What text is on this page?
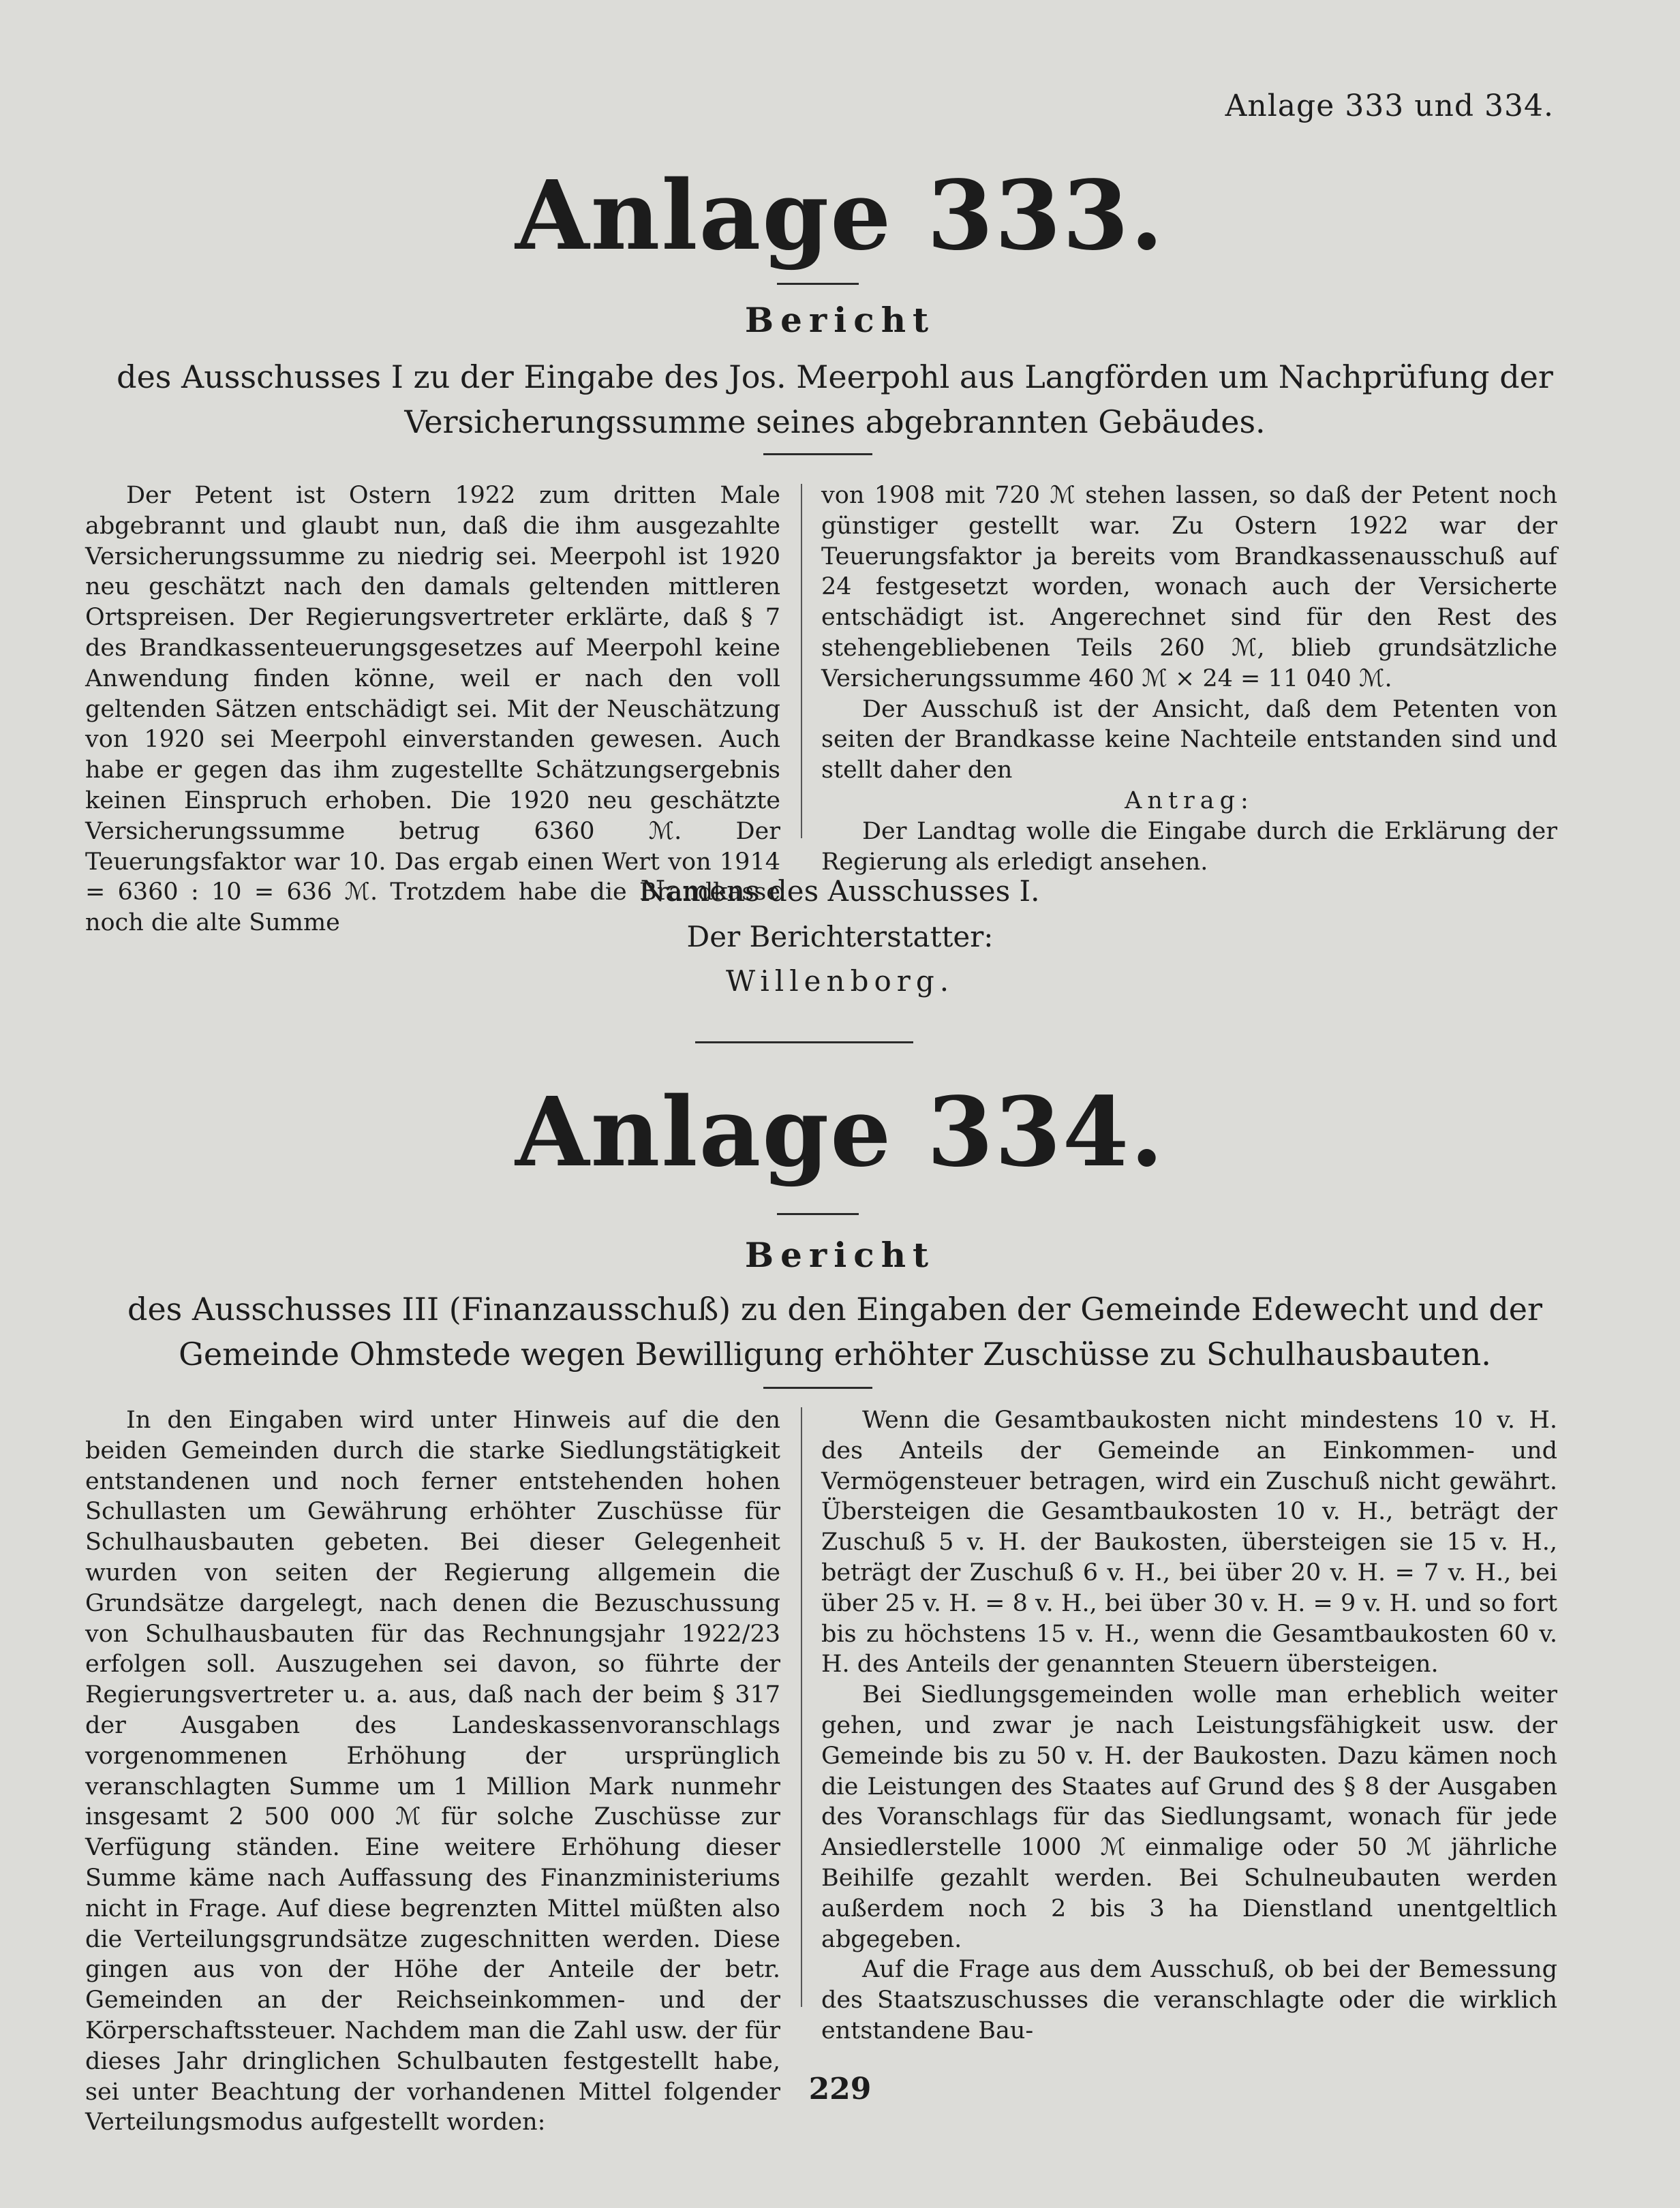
Anlage 333 und 334.
Anlage 333.
Bericht
des Ausschusses I zu der Eingabe des Jos. Meerpohl aus Langförden um Nachprüfung der Versicherungssumme seines abgebrannten Gebäudes.

Der Petent ist Ostern 1922 zum dritten Male abgebrannt und glaubt nun, daß die ihm ausgezahlte Versicherungssumme zu niedrig sei. Meerpohl ist 1920 neu geschätzt nach den damals geltenden mittleren Ortspreisen. Der Regierungsvertreter erklärte, daß § 7 des Brandkassenteuerungsgesetzes auf Meerpohl keine Anwendung finden könne, weil er nach den voll geltenden Sätzen entschädigt sei. Mit der Neuschätzung von 1920 sei Meerpohl einverstanden gewesen. Auch habe er gegen das ihm zugestellte Schätzungsergebnis keinen Einspruch erhoben. Die 1920 neu geschätzte Versicherungssumme betrug 6360 ℳ. Der Teuerungsfaktor war 10. Das ergab einen Wert von 1914 = 6360 : 10 = 636 ℳ. Trotzdem habe die Brandkasse noch die alte Summe

von 1908 mit 720 ℳ stehen lassen, so daß der Petent noch günstiger gestellt war. Zu Ostern 1922 war der Teuerungsfaktor ja bereits vom Brandkassenausschuß auf 24 festgesetzt worden, wonach auch der Versicherte entschädigt ist. Angerechnet sind für den Rest des stehengebliebenen Teils 260 ℳ, blieb grundsätzliche Versicherungssumme 460 ℳ × 24 = 11 040 ℳ.

Der Ausschuß ist der Ansicht, daß dem Petenten von seiten der Brandkasse keine Nachteile entstanden sind und stellt daher den

Antrag:

Der Landtag wolle die Eingabe durch die Erklärung der Regierung als erledigt ansehen.

Namens des Ausschusses I.
Der Berichterstatter:
Willenborg.
Anlage 334.
Bericht
des Ausschusses III (Finanzausschuß) zu den Eingaben der Gemeinde Edewecht und der Gemeinde Ohmstede wegen Bewilligung erhöhter Zuschüsse zu Schulhausbauten.

In den Eingaben wird unter Hinweis auf die den beiden Gemeinden durch die starke Siedlungstätigkeit entstandenen und noch ferner entstehenden hohen Schullasten um Gewährung erhöhter Zuschüsse für Schulhausbauten gebeten. Bei dieser Gelegenheit wurden von seiten der Regierung allgemein die Grundsätze dargelegt, nach denen die Bezuschussung von Schulhausbauten für das Rechnungsjahr 1922/23 erfolgen soll. Auszugehen sei davon, so führte der Regierungsvertreter u. a. aus, daß nach der beim § 317 der Ausgaben des Landeskassenvoranschlags vorgenommenen Erhöhung der ursprünglich veranschlagten Summe um 1 Million Mark nunmehr insgesamt 2 500 000 ℳ für solche Zuschüsse zur Verfügung ständen. Eine weitere Erhöhung dieser Summe käme nach Auffassung des Finanzministeriums nicht in Frage. Auf diese begrenzten Mittel müßten also die Verteilungsgrundsätze zugeschnitten werden. Diese gingen aus von der Höhe der Anteile der betr. Gemeinden an der Reichseinkommen- und der Körperschaftssteuer. Nachdem man die Zahl usw. der für dieses Jahr dringlichen Schulbauten festgestellt habe, sei unter Beachtung der vorhandenen Mittel folgender Verteilungsmodus aufgestellt worden:

Wenn die Gesamtbaukosten nicht mindestens 10 v. H. des Anteils der Gemeinde an Einkommen- und Vermögensteuer betragen, wird ein Zuschuß nicht gewährt. Übersteigen die Gesamtbaukosten 10 v. H., beträgt der Zuschuß 5 v. H. der Baukosten, übersteigen sie 15 v. H., beträgt der Zuschuß 6 v. H., bei über 20 v. H. = 7 v. H., bei über 25 v. H. = 8 v. H., bei über 30 v. H. = 9 v. H. und so fort bis zu höchstens 15 v. H., wenn die Gesamtbaukosten 60 v. H. des Anteils der genannten Steuern übersteigen.

Bei Siedlungsgemeinden wolle man erheblich weiter gehen, und zwar je nach Leistungsfähigkeit usw. der Gemeinde bis zu 50 v. H. der Baukosten. Dazu kämen noch die Leistungen des Staates auf Grund des § 8 der Ausgaben des Voranschlags für das Siedlungsamt, wonach für jede Ansiedlerstelle 1000 ℳ einmalige oder 50 ℳ jährliche Beihilfe gezahlt werden. Bei Schulneubauten werden außerdem noch 2 bis 3 ha Dienstland unentgeltlich abgegeben.

Auf die Frage aus dem Ausschuß, ob bei der Bemessung des Staatszuschusses die veranschlagte oder die wirklich entstandene Bau-

229
